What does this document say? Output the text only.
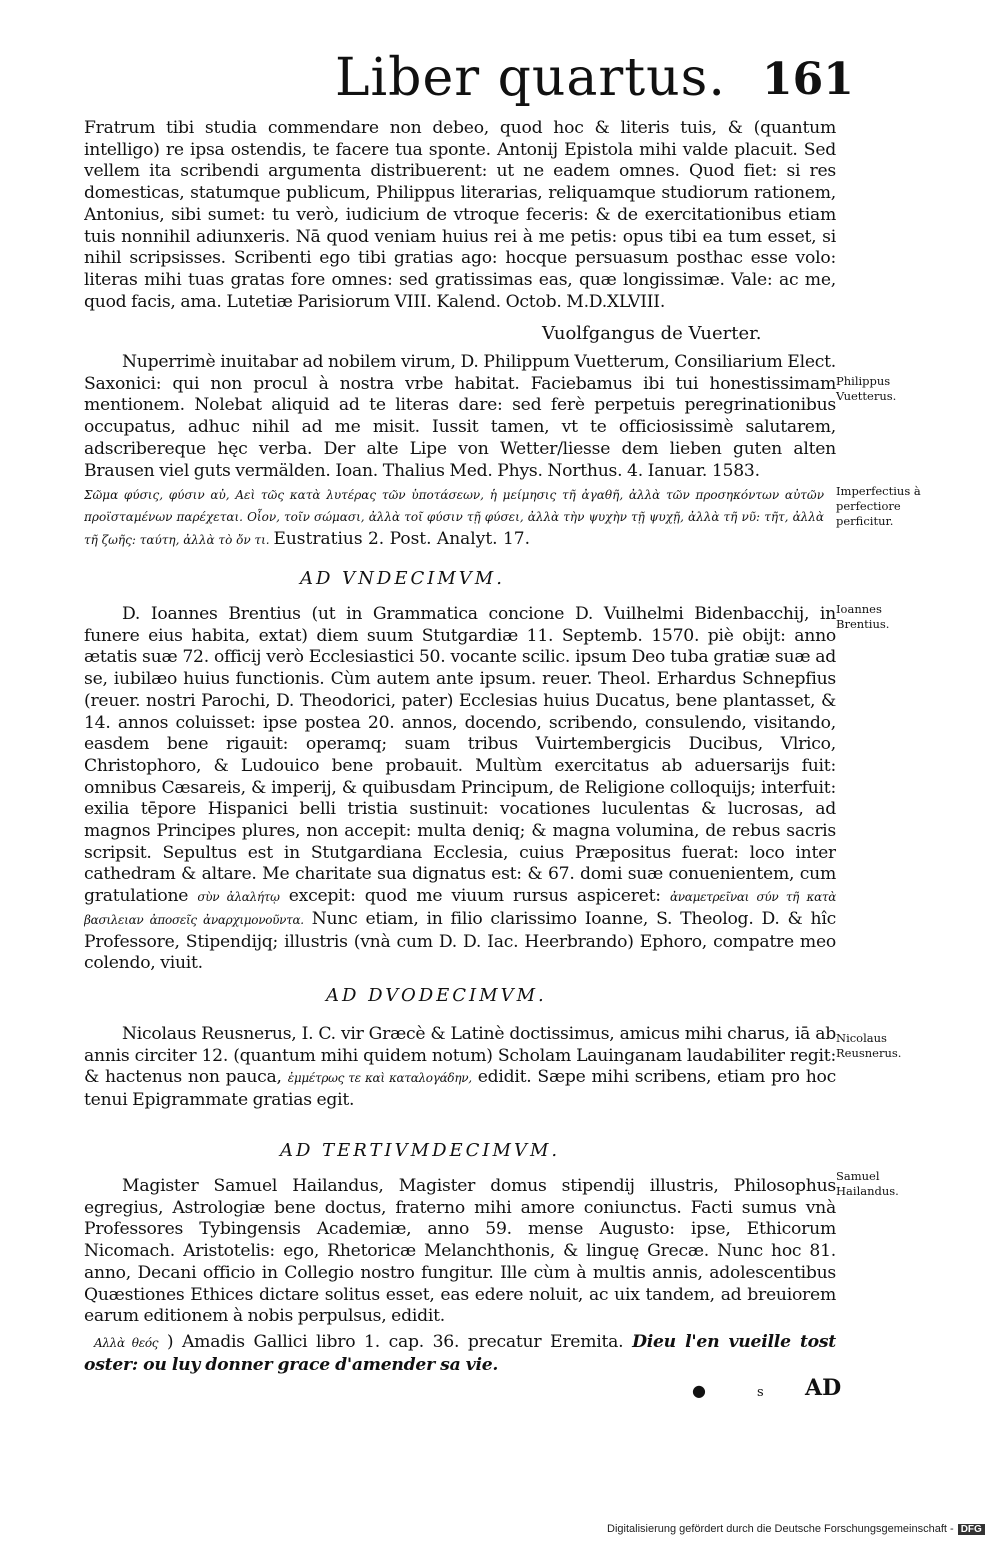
Liber quartus. 161
Fratrum tibi studia commendare non debeo, quod hoc & literis tuis, & (quantum intelligo) re ipsa ostendis, te facere tua sponte. Antonij Epistola mihi valde placuit. Sed vellem ita scribendi argumenta distribuerent: ut ne eadem omnes. Quod fiet: si res domesticas, statumque publicum, Philippus literarias, reliquamque studiorum rationem, Antonius, sibi sumet: tu verò, iudicium de vtroque feceris: & de exercitationibus etiam tuis nonnihil adiunxeris. Nā quod veniam huius rei à me petis: opus tibi ea tum esset, si nihil scripsisses. Scribenti ego tibi gratias ago: hocque persuasum posthac esse volo: literas mihi tuas gratas fore omnes: sed gratissimas eas, quæ longissimæ. Vale: ac me, quod facis, ama. Lutetiæ Parisiorum VIII. Kalend. Octob. M.D.XLVIII.
Vuolfgangus de Vuerter.
Nuperrimè inuitabar ad nobilem virum, D. Philippum Vuetterum, Consiliarium Elect. Saxonici: qui non procul à nostra vrbe habitat. Faciebamus ibi tui honestissimam mentionem. Nolebat aliquid ad te literas dare: sed ferè perpetuis peregrinationibus occupatus, adhuc nihil ad me misit. Iussit tamen, vt te officiosissimè salutarem, adscribereque hęc verba. Der alte Lipe von Wetter/liesse dem lieben guten alten Brausen viel guts vermälden. Ioan. Thalius Med. Phys. Northus. 4. Ianuar. 1583.
Σῶμα φύσις, φύσιν αὐ, Αεὶ τῶς κατὰ λυτέρας τῶν ὑποτάσεων, ἡ μείμησις τῆ ἀγαθῆ, ἀλλὰ τῶν προσηκόντων αὐτῶν προϊσταμένων παρέχεται. Οἷον, τοῖν σώμασι, ἀλλὰ τοῖ φύσιν τῇ φύσει, ἀλλὰ τὴν ψυχὴν τῇ ψυχῇ, ἀλλὰ τῆ νῦ: τῆτ, ἀλλὰ τῆ ζωῆς: ταύτη, ἀλλὰ τὸ ὄν τι. Eustratius 2. Post. Analyt. 17.
AD VNDECIMVM.
D. Ioannes Brentius (ut in Grammatica concione D. Vuilhelmi Bidenbacchij, in funere eius habita, extat) diem suum Stutgardiæ 11. Septemb. 1570. piè obijt: anno ætatis suæ 72. officij verò Ecclesiastici 50. vocante scilic. ipsum Deo tuba gratiæ suæ ad se, iubilæo huius functionis. Cùm autem ante ipsum. reuer. Theol. Erhardus Schnepfius (reuer. nostri Parochi, D. Theodorici, pater) Ecclesias huius Ducatus, bene plantasset, & 14. annos coluisset: ipse postea 20. annos, docendo, scribendo, consulendo, visitando, easdem bene rigauit: operamq; suam tribus Vuirtembergicis Ducibus, Vlrico, Christophoro, & Ludouico bene probauit. Multùm exercitatus ab aduersarijs fuit: omnibus Cæsareis, & imperij, & quibusdam Principum, de Religione colloquijs; interfuit: exilia tēpore Hispanici belli tristia sustinuit: vocationes luculentas & lucrosas, ad magnos Principes plures, non accepit: multa deniq; & magna volumina, de rebus sacris scripsit. Sepultus est in Stutgardiana Ecclesia, cuius Præpositus fuerat: loco inter cathedram & altare. Me charitate sua dignatus est: & 67. domi suæ conuenientem, cum gratulatione σὺν ἀλαλήτῳ excepit: quod me viuum rursus aspiceret: ἀναμετρεῖναι σύν τῆ κατὰ βασιλειαν ἀποσεῖς ἀναρχιμονοῦντα. Nunc etiam, in filio clarissimo Ioanne, S. Theolog. D. & hîc Professore, Stipendijq; illustris (vnà cum D. D. Iac. Heerbrando) Ephoro, compatre meo colendo, viuit.
AD DVODECIMVM.
Nicolaus Reusnerus, I. C. vir Græcè & Latinè doctissimus, amicus mihi charus, iā ab annis circiter 12. (quantum mihi quidem notum) Scholam Lauinganam laudabiliter regit: & hactenus non pauca, ἐμμέτρως τε καὶ καταλογάδην, edidit. Sæpe mihi scribens, etiam pro hoc tenui Epigrammate gratias egit.
AD TERTIVMDECIMVM.
Magister Samuel Hailandus, Magister domus stipendij illustris, Philosophus egregius, Astrologiæ bene doctus, fraterno mihi amore coniunctus. Facti sumus vnà Professores Tybingensis Academiæ, anno 59. mense Augusto: ipse, Ethicorum Nicomach. Aristotelis: ego, Rhetoricæ Melanchthonis, & linguę Grecæ. Nunc hoc 81. anno, Decani officio in Collegio nostro fungitur. Ille cùm à multis annis, adolescentibus Quæstiones Ethices dictare solitus esset, eas edere noluit, ac uix tandem, ad breuiorem earum editionem à nobis perpulsus, edidit.
Αλλὰ θεός ) Amadis Gallici libro 1. cap. 36. precatur Eremita. Dieu l'en vueille tost oster: ou luy donner grace d'amender sa vie.
Philippus Vuetterus.
Imperfectius à perfectiore perficitur.
Ioannes Brentius.
Nicolaus Reusnerus.
Samuel Hailandus.
●	s AD
Digitalisierung gefördert durch die Deutsche Forschungsgemeinschaft - DFG
